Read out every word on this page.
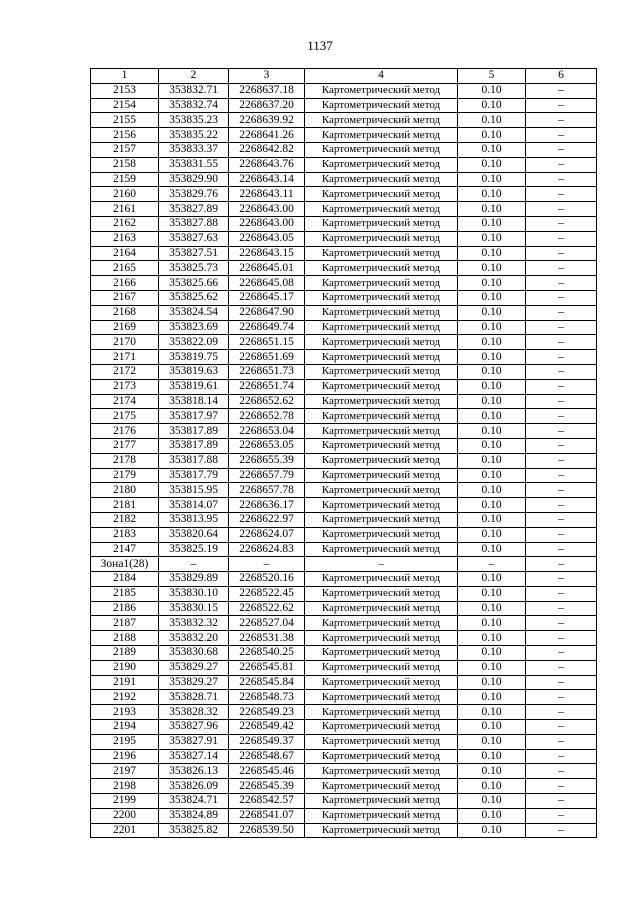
1137
1	2	3	4	5	6
2153	353832.71	2268637.18	Картометрический метод	0.10	–
2154	353832.74	2268637.20	Картометрический метод	0.10	–
2155	353835.23	2268639.92	Картометрический метод	0.10	–
2156	353835.22	2268641.26	Картометрический метод	0.10	–
2157	353833.37	2268642.82	Картометрический метод	0.10	–
2158	353831.55	2268643.76	Картометрический метод	0.10	–
2159	353829.90	2268643.14	Картометрический метод	0.10	–
2160	353829.76	2268643.11	Картометрический метод	0.10	–
2161	353827.89	2268643.00	Картометрический метод	0.10	–
2162	353827.88	2268643.00	Картометрический метод	0.10	–
2163	353827.63	2268643.05	Картометрический метод	0.10	–
2164	353827.51	2268643.15	Картометрический метод	0.10	–
2165	353825.73	2268645.01	Картометрический метод	0.10	–
2166	353825.66	2268645.08	Картометрический метод	0.10	–
2167	353825.62	2268645.17	Картометрический метод	0.10	–
2168	353824.54	2268647.90	Картометрический метод	0.10	–
2169	353823.69	2268649.74	Картометрический метод	0.10	–
2170	353822.09	2268651.15	Картометрический метод	0.10	–
2171	353819.75	2268651.69	Картометрический метод	0.10	–
2172	353819.63	2268651.73	Картометрический метод	0.10	–
2173	353819.61	2268651.74	Картометрический метод	0.10	–
2174	353818.14	2268652.62	Картометрический метод	0.10	–
2175	353817.97	2268652.78	Картометрический метод	0.10	–
2176	353817.89	2268653.04	Картометрический метод	0.10	–
2177	353817.89	2268653.05	Картометрический метод	0.10	–
2178	353817.88	2268655.39	Картометрический метод	0.10	–
2179	353817.79	2268657.79	Картометрический метод	0.10	–
2180	353815.95	2268657.78	Картометрический метод	0.10	–
2181	353814.07	2268636.17	Картометрический метод	0.10	–
2182	353813.95	2268622.97	Картометрический метод	0.10	–
2183	353820.64	2268624.07	Картометрический метод	0.10	–
2147	353825.19	2268624.83	Картометрический метод	0.10	–
Зона1(28)	–	–	–	–	–
2184	353829.89	2268520.16	Картометрический метод	0.10	–
2185	353830.10	2268522.45	Картометрический метод	0.10	–
2186	353830.15	2268522.62	Картометрический метод	0.10	–
2187	353832.32	2268527.04	Картометрический метод	0.10	–
2188	353832.20	2268531.38	Картометрический метод	0.10	–
2189	353830.68	2268540.25	Картометрический метод	0.10	–
2190	353829.27	2268545.81	Картометрический метод	0.10	–
2191	353829.27	2268545.84	Картометрический метод	0.10	–
2192	353828.71	2268548.73	Картометрический метод	0.10	–
2193	353828.32	2268549.23	Картометрический метод	0.10	–
2194	353827.96	2268549.42	Картометрический метод	0.10	–
2195	353827.91	2268549.37	Картометрический метод	0.10	–
2196	353827.14	2268548.67	Картометрический метод	0.10	–
2197	353826.13	2268545.46	Картометрический метод	0.10	–
2198	353826.09	2268545.39	Картометрический метод	0.10	–
2199	353824.71	2268542.57	Картометрический метод	0.10	–
2200	353824.89	2268541.07	Картометрический метод	0.10	–
2201	353825.82	2268539.50	Картометрический метод	0.10	–
